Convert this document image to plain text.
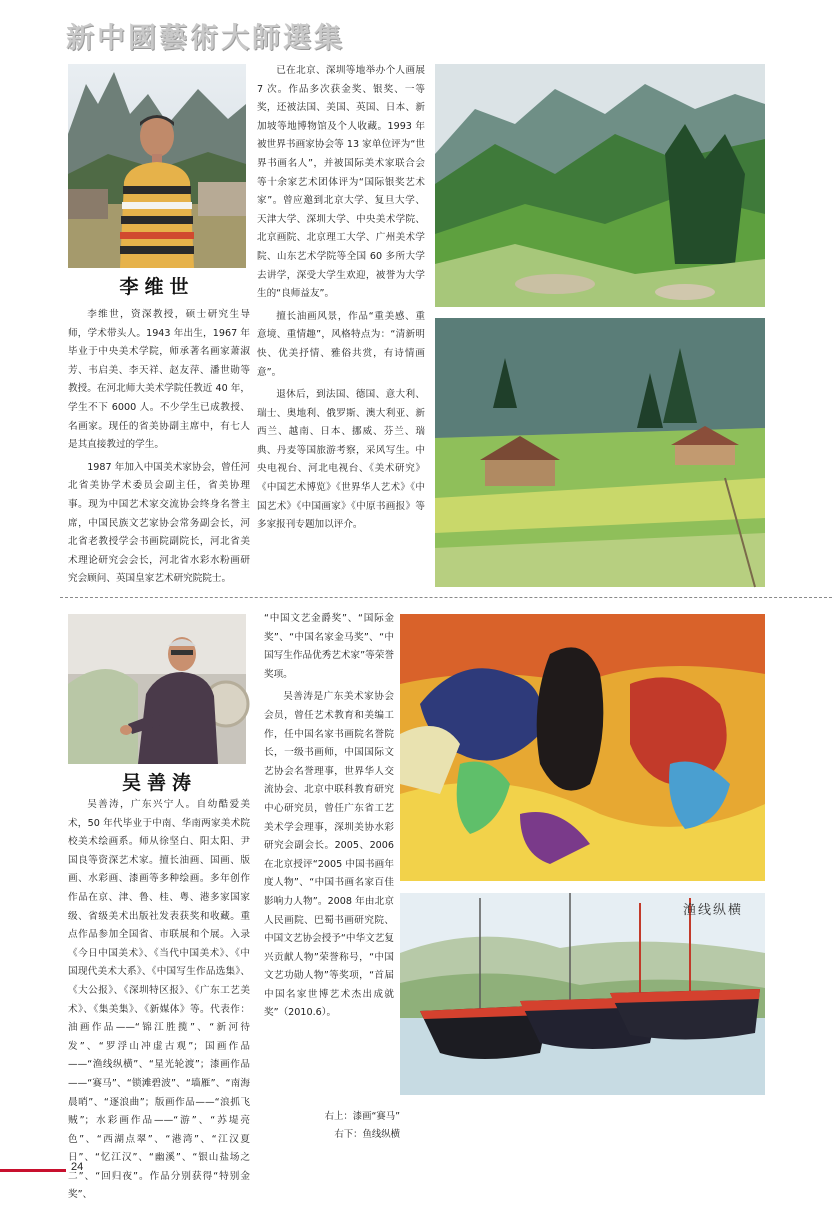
新中國藝術大師選集
李维世

李维世，资深教授，硕士研究生导师，学术带头人。1943 年出生，1967 年毕业于中央美术学院，师承著名画家萧淑芳、韦启美、李天祥、赵友萍、潘世勋等教授。在河北师大美术学院任教近 40 年，学生不下 6000 人。不少学生已成教授、名画家。现任的省美协副主席中，有七人是其直接教过的学生。

1987 年加入中国美术家协会，曾任河北省美协学术委员会副主任，省美协理事。现为中国艺术家交流协会终身名誉主席，中国民族文艺家协会常务副会长，河北省老教授学会书画院副院长，河北省美术理论研究会会长，河北省水彩水粉画研究会顾问、英国皇家艺术研究院院士。

已在北京、深圳等地举办个人画展 7 次。作品多次获金奖、银奖、一等奖，还被法国、美国、英国、日本、新加坡等地博物馆及个人收藏。1993 年被世界书画家协会等 13 家单位评为“世界书画名人”，并被国际美术家联合会等十余家艺术团体评为“国际银奖艺术家”。曾应邀到北京大学、复旦大学、天津大学、深圳大学、中央美术学院、北京画院、北京理工大学、广州美术学院、山东艺术学院等全国 60 多所大学去讲学，深受大学生欢迎，被誉为大学生的“良师益友”。

擅长油画风景，作品“重美感、重意境、重情趣”，风格特点为：“清新明快、优美抒情、雅俗共赏，有诗情画意”。

退休后，到法国、德国、意大利、瑞士、奥地利、俄罗斯、澳大利亚、新西兰、越南、日本、挪威、芬兰、瑞典、丹麦等国旅游考察，采风写生。中央电视台、河北电视台、《美术研究》《中国艺术博览》《世界华人艺术》《中国艺术》《中国画家》《中原书画报》等多家报刊专题加以评介。

吴善涛

吴善涛，广东兴宁人。自幼酷爱美术，50 年代毕业于中南、华南两家美术院校美术绘画系。师从徐坚白、阳太阳、尹国良等资深艺术家。擅长油画、国画、版画、水彩画、漆画等多种绘画。多年创作作品在京、津、鲁、桂、粤、港多家国家级、省级美术出版社发表获奖和收藏。重点作品参加全国省、市联展和个展。入录《今日中国美术》、《当代中国美术》、《中国现代美术大系》、《中国写生作品选集》、《大公报》、《深圳特区报》、《广东工艺美术》、《集美集》、《新媒体》等。代表作：油画作品——“锦江胜揽”、“新河待发”、“罗浮山冲虚古观”；国画作品——“渔线纵横”、“星光轮渡”；漆画作品——“赛马”、“锁滩碧波”、“墙雁”、“南海晨哨”、“逐浪曲”；版画作品——“浪抓飞贼”；水彩画作品——“游”、“苏堤亮色”、“西湖点翠”、“港湾”、“江汉夏日”、“忆江汉”、“幽溪”、“银山盐场之二”、“回归夜”。作品分别获得“特别金奖”、

“中国文艺金爵奖”、“国际金奖”、“中国名家金马奖”、“中国写生作品优秀艺术家”等荣誉奖项。

吴善涛是广东美术家协会会员，曾任艺术教育和美编工作，任中国名家书画院名誉院长，一级书画师，中国国际文艺协会名誉理事，世界华人交流协会、北京中联科教育研究中心研究员，曾任广东省工艺美术学会理事，深圳美协水彩研究会副会长。2005、2006 在北京授评“2005 中国书画年度人物”、“中国书画名家百佳影响力人物”。2008 年由北京人民画院、巴蜀书画研究院、中国文艺协会授予“中华文艺复兴贡献人物”荣誉称号，“中国文艺功勋人物”等奖项，“首届中国名家世博艺术杰出成就奖”（2010.6）。

渔线纵横
右上：漆画“赛马”
右下：鱼线纵横
24
